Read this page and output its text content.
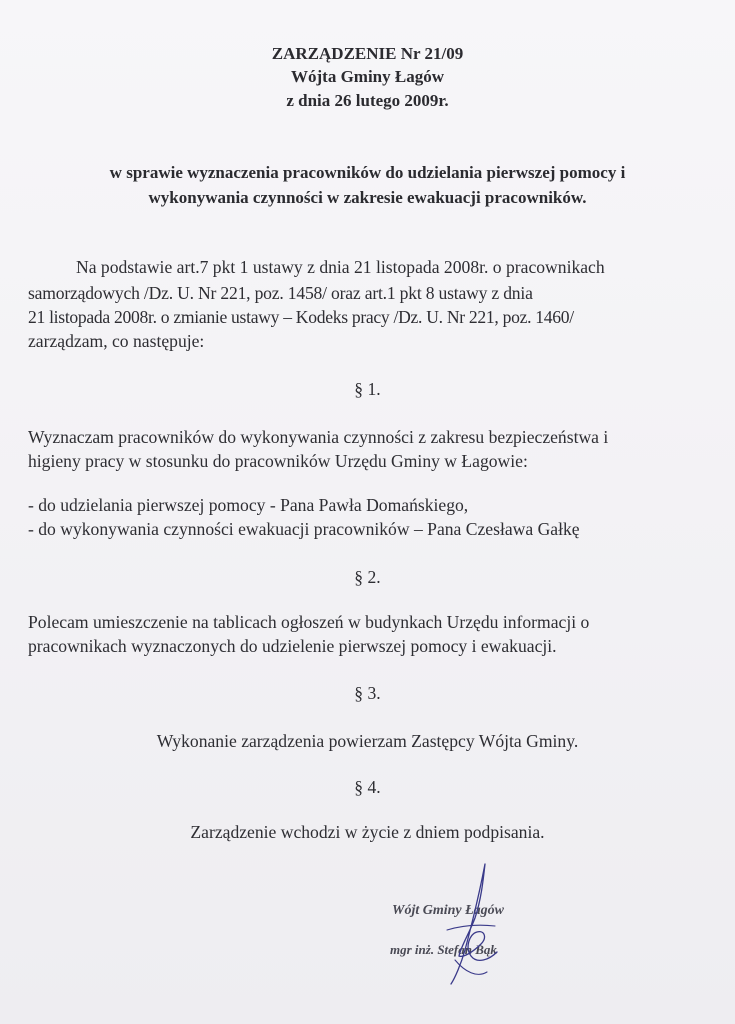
ZARZĄDZENIE Nr 21/09

Wójta Gminy Łagów

z dnia 26 lutego 2009r.

w sprawie wyznaczenia pracowników do udzielania pierwszej pomocy i

wykonywania czynności w zakresie ewakuacji pracowników.

Na podstawie art.7 pkt 1 ustawy z dnia 21 listopada 2008r. o pracownikach

samorządowych /Dz. U. Nr 221, poz. 1458/ oraz art.1 pkt 8 ustawy z dnia

21 listopada 2008r. o zmianie ustawy – Kodeks pracy /Dz. U. Nr 221, poz. 1460/

zarządzam, co następuje:

§ 1.

Wyznaczam pracowników do wykonywania czynności z zakresu bezpieczeństwa i

higieny pracy w stosunku do pracowników Urzędu Gminy w Łagowie:

- do udzielania pierwszej pomocy - Pana Pawła Domańskiego,

- do wykonywania czynności ewakuacji pracowników – Pana Czesława Gałkę

§ 2.

Polecam umieszczenie na tablicach ogłoszeń w budynkach Urzędu informacji o

pracownikach wyznaczonych do udzielenie pierwszej pomocy i ewakuacji.

§ 3.

Wykonanie zarządzenia powierzam Zastępcy Wójta Gminy.

§ 4.

Zarządzenie wchodzi w życie z dniem podpisania.

Wójt Gminy Łagów

mgr inż. Stefan Bąk
